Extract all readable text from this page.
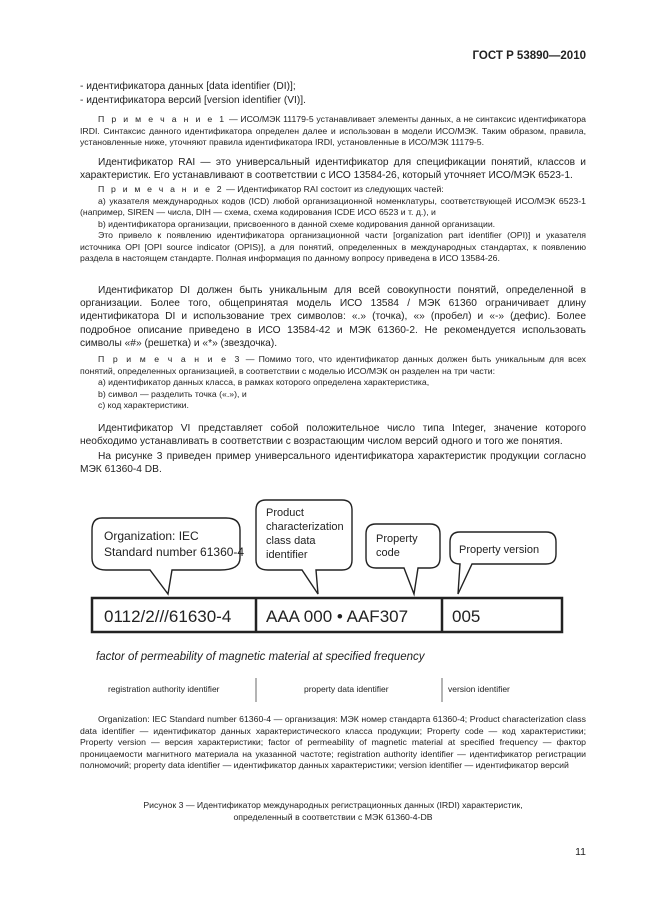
ГОСТ Р 53890—2010

- идентификатора данных [data identifier (DI)];

- идентификатора версий [version identifier (VI)].

П р и м е ч а н и е 1 — ИСО/МЭК 11179-5 устанавливает элементы данных, а не синтаксис идентификатора IRDI. Синтаксис данного идентификатора определен далее и использован в модели ИСО/МЭК. Таким образом, правила, установленные ниже, уточняют правила идентификатора IRDI, установленные в ИСО/МЭК 11179-5.

Идентификатор RAI — это универсальный идентификатор для спецификации понятий, классов и характеристик. Его устанавливают в соответствии с ИСО 13584-26, который уточняет ИСО/МЭК 6523-1.

П р и м е ч а н и е 2 — Идентификатор RAI состоит из следующих частей:
a) указателя международных кодов (ICD) любой организационной номенклатуры, соответствующей ИСО/МЭК 6523-1 (например, SIREN — числа, DIH — схема, схема кодирования ICDE ИСО 6523 и т. д.), и
b) идентификатора организации, присвоенного в данной схеме кодирования данной организации.
Это привело к появлению идентификатора организационной части [organization part identifier (OPI)] и указателя источника OPI [OPI source indicator (OPIS)], а для понятий, определенных в международных стандартах, к появлению раздела в настоящем стандарте. Полная информация по данному вопросу приведена в ИСО 13584-26.

Идентификатор DI должен быть уникальным для всей совокупности понятий, определенной в организации. Более того, общепринятая модель ИСО 13584 / МЭК 61360 ограничивает длину идентификатора DI и использование трех символов: «.» (точка), «» (пробел) и «-» (дефис). Более подробное описание приведено в ИСО 13584-42 и МЭК 61360-2. Не рекомендуется использовать символы «#» (решетка) и «*» (звездочка).

П р и м е ч а н и е 3 — Помимо того, что идентификатор данных должен быть уникальным для всех понятий, определенных организацией, в соответствии с моделью ИСО/МЭК он разделен на три части:
a) идентификатор данных класса, в рамках которого определена характеристика,
b) символ — разделить точка («.»), и
c) код характеристики.

Идентификатор VI представляет собой положительное число типа Integer, значение которого необходимо устанавливать в соответствии с возрастающим числом версий одного и того же понятия.

На рисунке 3 приведен пример универсального идентификатора характеристик продукции согласно МЭК 61360-4 DB.

Organization: IEC
Standard number 61360-4
Product
characterization
class data
identifier
Property
code	Property version
0112/2///61630-4 AAA 000 • AAF307	005
factor of permeability of magnetic material at specified frequency
registration authority identifier	property data identifier	version identifier

Organization: IEC Standard number 61360-4 — организация: МЭК номер стандарта 61360-4; Product characterization class data identifier — идентификатор данных характеристического класса продукции; Property code — код характеристики; Property version — версия характеристики; factor of permeability of magnetic material at specified frequency — фактор проницаемости магнитного материала на указанной частоте; registration authority identifier — идентификатор регистрации полномочий; property data identifier — идентификатор данных характеристики; version identifier — идентификатор версий

Рисунок 3 — Идентификатор международных регистрационных данных (IRDI) характеристик,
определенный в соответствии с МЭК 61360-4-DB
11
